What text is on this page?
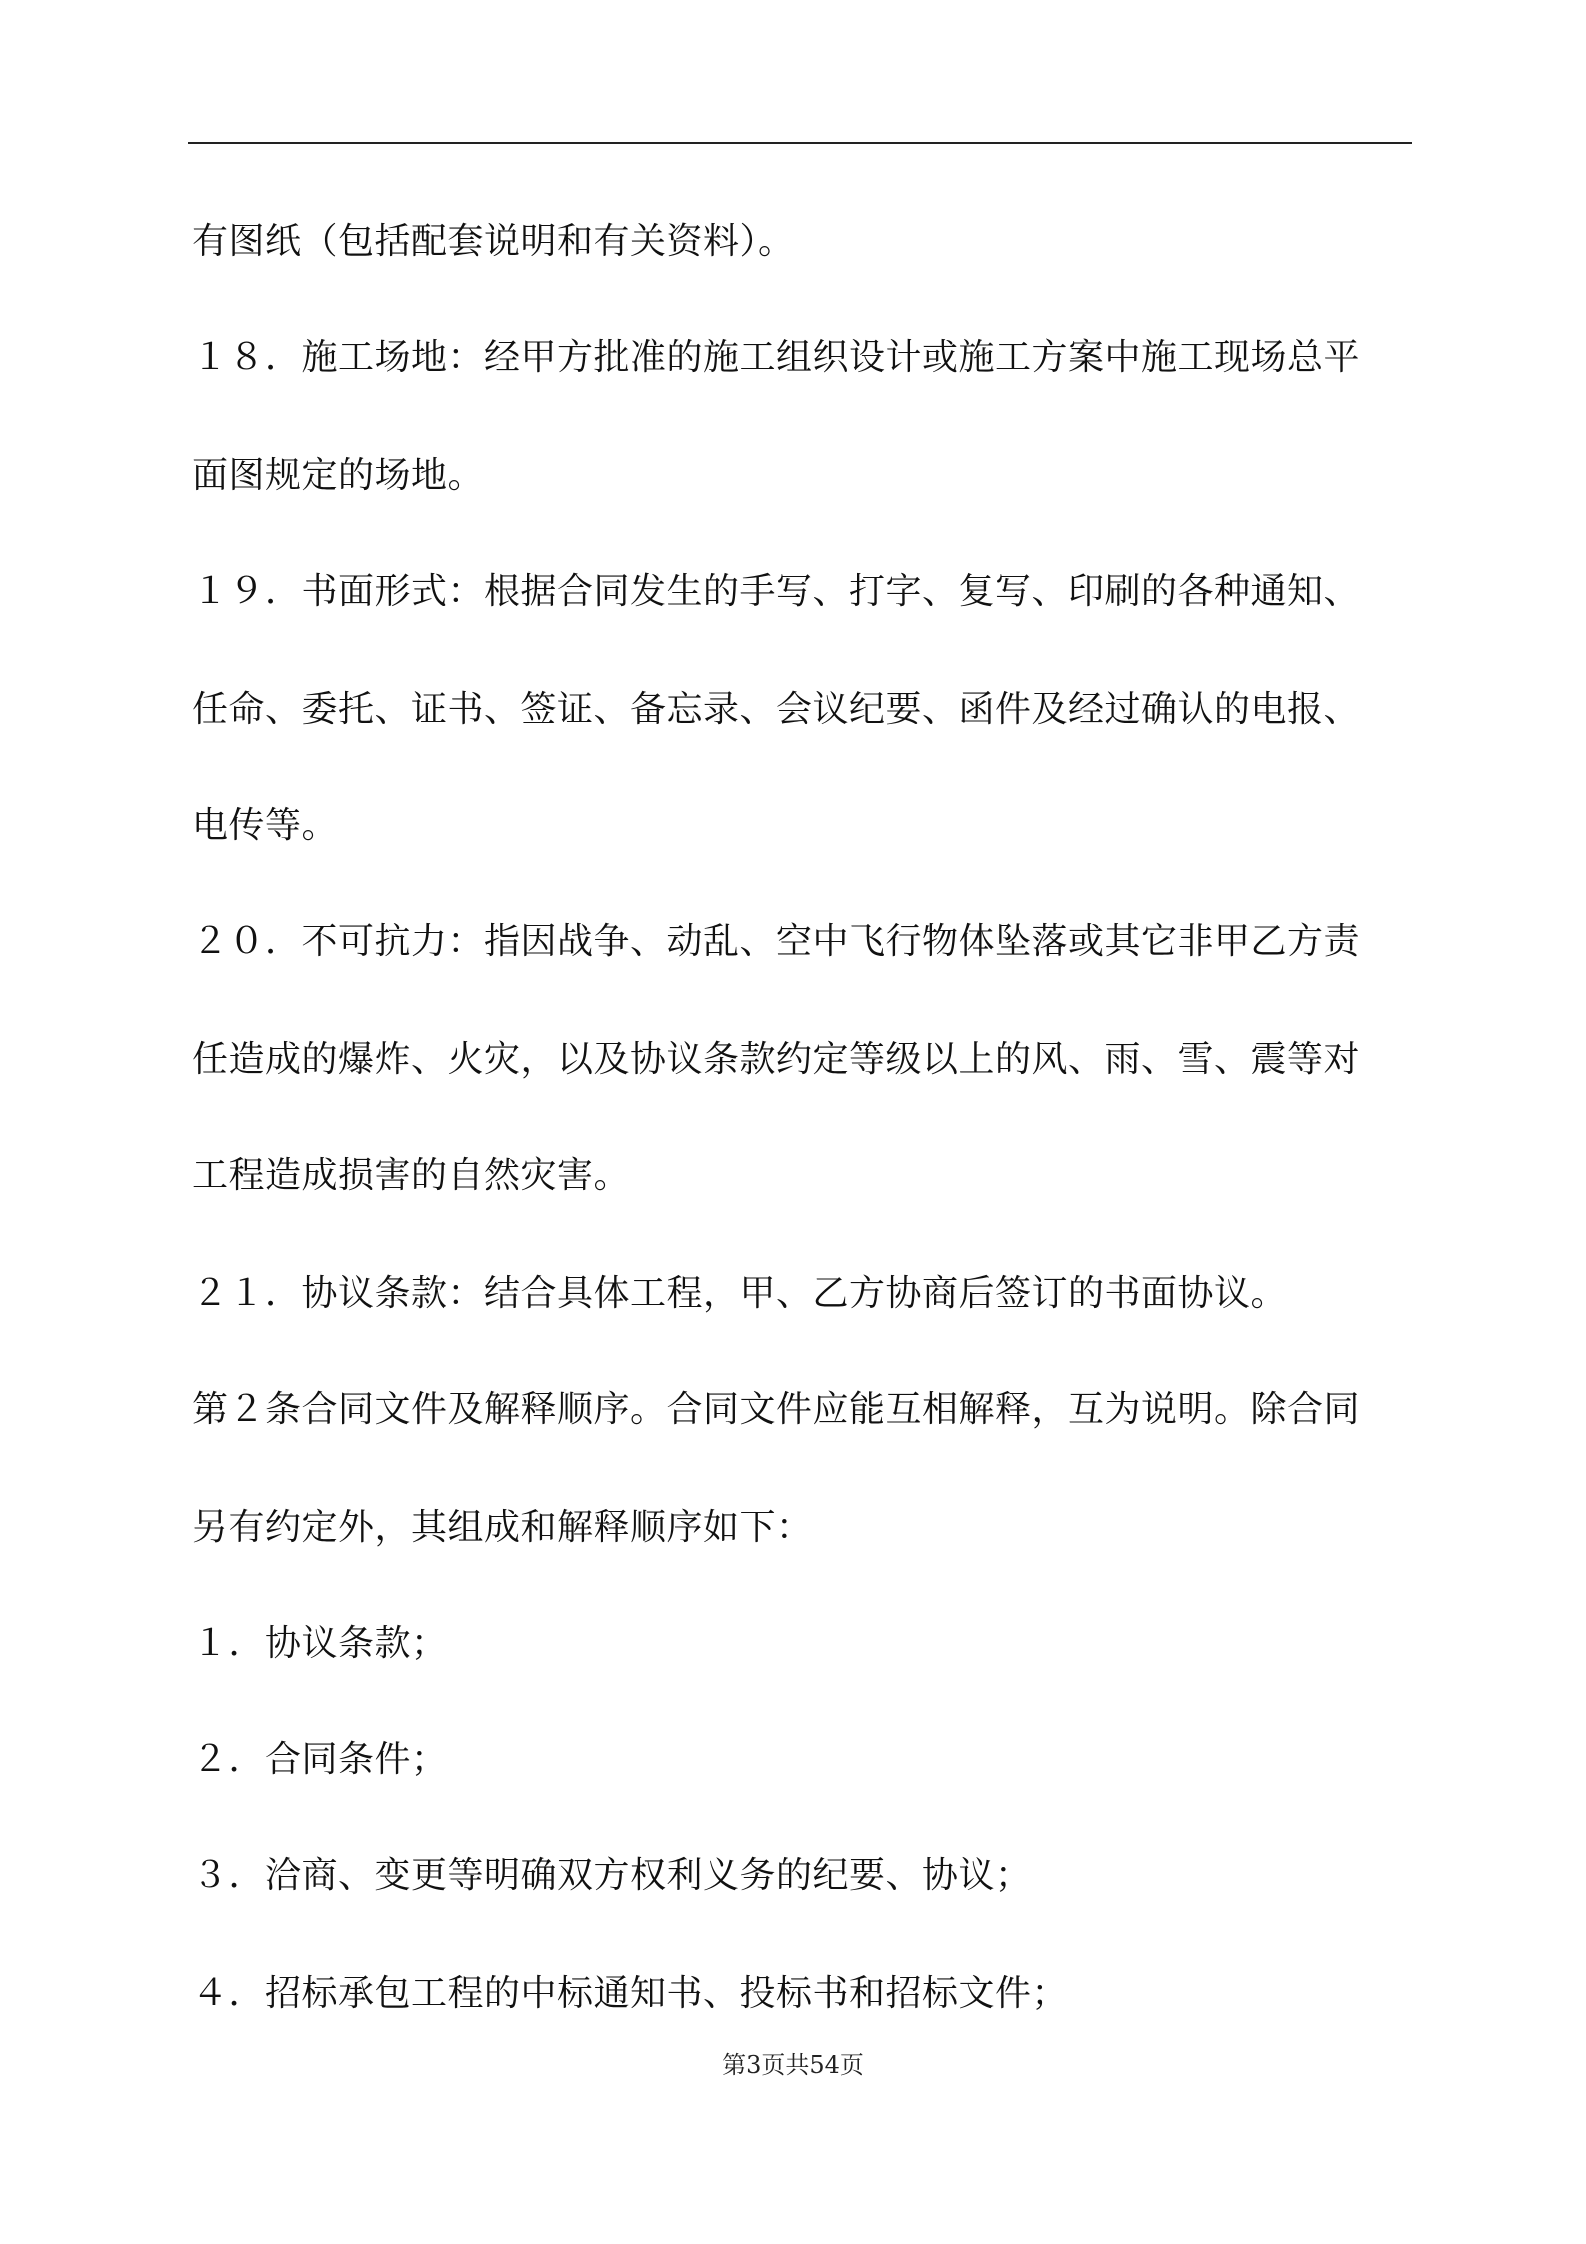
有图纸（包括配套说明和有关资料）。
１８．施工场地：经甲方批准的施工组织设计或施工方案中施工现场总平
面图规定的场地。
１９．书面形式：根据合同发生的手写、打字、复写、印刷的各种通知、
任命、委托、证书、签证、备忘录、会议纪要、函件及经过确认的电报、
电传等。
２０．不可抗力：指因战争、动乱、空中飞行物体坠落或其它非甲乙方责
任造成的爆炸、火灾，以及协议条款约定等级以上的风、雨、雪、震等对
工程造成损害的自然灾害。
２１．协议条款：结合具体工程，甲、乙方协商后签订的书面协议。
第２条合同文件及解释顺序。合同文件应能互相解释，互为说明。除合同
另有约定外，其组成和解释顺序如下：
１．协议条款；
２．合同条件；
３．洽商、变更等明确双方权利义务的纪要、协议；
４．招标承包工程的中标通知书、投标书和招标文件；
第3页共54页
